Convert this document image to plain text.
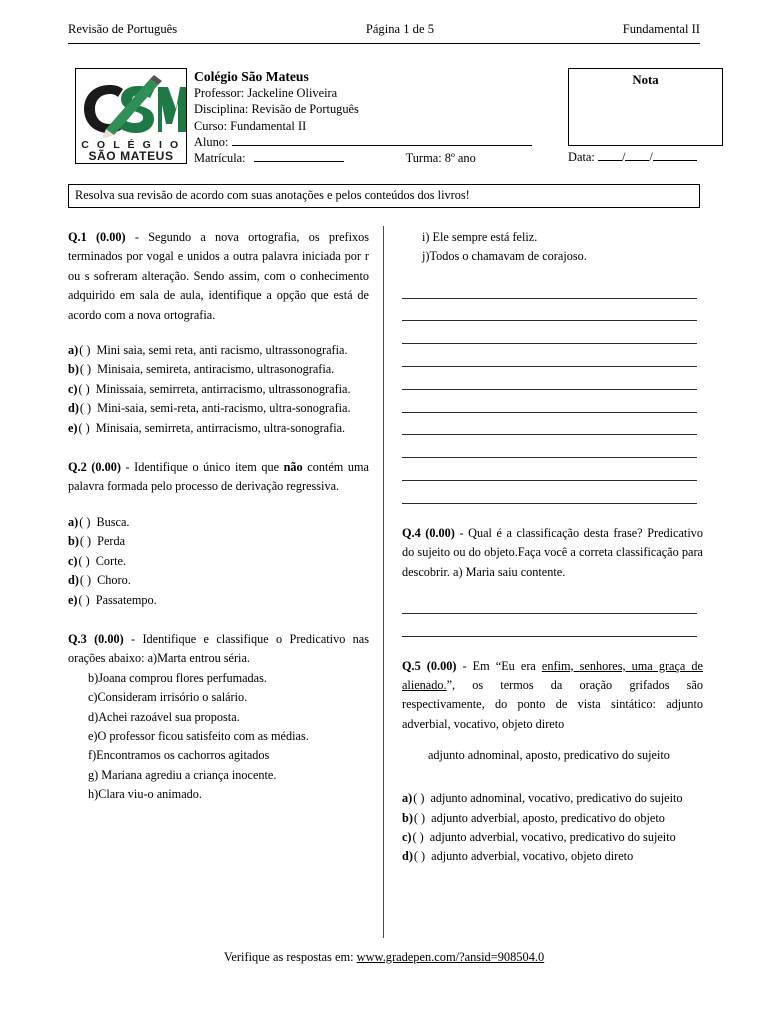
Revisão de Português	Página 1 de 5	Fundamental II
C O L É G I O
SÃO MATEUS
Colégio São Mateus
Professor: Jackeline Oliveira
Disciplina: Revisão de Português
Curso: Fundamental II
Aluno:
Matrícula:	Turma: 8º ano
Nota
Data: / /
Resolva sua revisão de acordo com suas anotações e pelos conteúdos dos livros!

Q.1 (0.00) - Segundo a nova ortografia, os prefixos terminados por vogal e unidos a outra palavra iniciada por r ou s sofreram alteração. Sendo assim, com o conhecimento adquirido em sala de aula, identifique a opção que está de acordo com a nova ortografia.

a) ( ) Mini saia, semi reta, anti racismo, ultrassonografia.
b) ( ) Minisaia, semireta, antiracismo, ultrasonografia.
c) ( ) Minissaia, semirreta, antirracismo, ultrassonografia.
d) ( ) Mini-saia, semi-reta, anti-racismo, ultra-sonografia.
e) ( ) Minisaia, semirreta, antirracismo, ultra-sonografia.

Q.2 (0.00) - Identifique o único item que não contém uma palavra formada pelo processo de derivação regressiva.

a) ( ) Busca.
b) ( ) Perda
c) ( ) Corte.
d) ( ) Choro.
e) ( ) Passatempo.

Q.3 (0.00) - Identifique e classifique o Predicativo nas orações abaixo: a)Marta entrou séria.

b)Joana comprou flores perfumadas.
c)Consideram irrisório o salário.
d)Achei razoável sua proposta.
e)O professor ficou satisfeito com as médias.
f)Encontramos os cachorros agitados
g) Mariana agrediu a criança inocente.
h)Clara viu-o animado.
i) Ele sempre está feliz.
j)Todos o chamavam de corajoso.

Q.4 (0.00) - Qual é a classificação desta frase? Predicativo do sujeito ou do objeto.Faça você a correta classificação para descobrir. a) Maria saiu contente.

Q.5 (0.00) - Em “Eu era enfim, senhores, uma graça de alienado.”, os termos da oração grifados são respectivamente, do ponto de vista sintático: adjunto adverbial, vocativo, objeto direto

adjunto adnominal, aposto, predicativo do sujeito

a) ( ) adjunto adnominal, vocativo, predicativo do sujeito
b) ( ) adjunto adverbial, aposto, predicativo do objeto
c) ( ) adjunto adverbial, vocativo, predicativo do sujeito
d) ( ) adjunto adverbial, vocativo, objeto direto
Verifique as respostas em: www.gradepen.com/?ansid=908504.0
